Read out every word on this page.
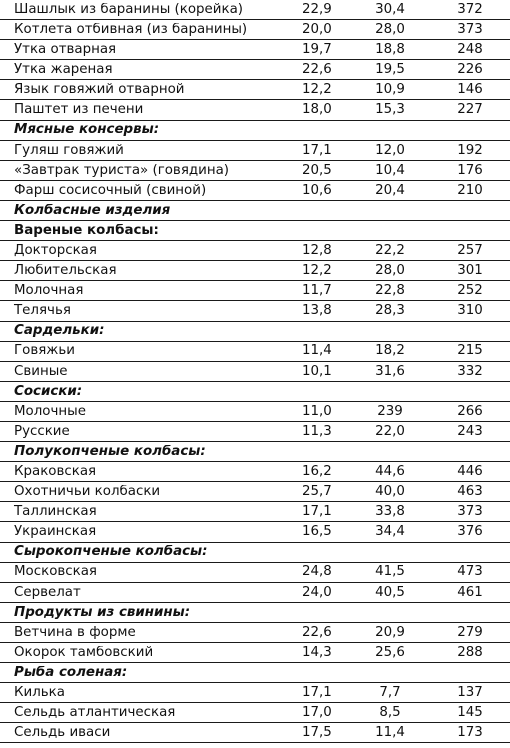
Шашлык из баранины (корейка)	22,9	30,4	372
Котлета отбивная (из баранины)	20,0	28,0	373
Утка отварная	19,7	18,8	248
Утка жареная	22,6	19,5	226
Язык говяжий отварной	12,2	10,9	146
Паштет из печени	18,0	15,3	227
Мясные консервы:
Гуляш говяжий	17,1	12,0	192
«Завтрак туриста» (говядина)	20,5	10,4	176
Фарш сосисочный (свиной)	10,6	20,4	210
Колбасные изделия
Вареные колбасы:
Докторская	12,8	22,2	257
Любительская	12,2	28,0	301
Молочная	11,7	22,8	252
Телячья	13,8	28,3	310
Сардельки:
Говяжьи	11,4	18,2	215
Свиные	10,1	31,6	332
Сосиски:
Молочные	11,0	239	266
Русские	11,3	22,0	243
Полукопченые колбасы:
Краковская	16,2	44,6	446
Охотничьи колбаски	25,7	40,0	463
Таллинская	17,1	33,8	373
Украинская	16,5	34,4	376
Сырокопченые колбасы:
Московская	24,8	41,5	473
Сервелат	24,0	40,5	461
Продукты из свинины:
Ветчина в форме	22,6	20,9	279
Окорок тамбовский	14,3	25,6	288
Рыба соленая:
Килька	17,1	7,7	137
Сельдь атлантическая	17,0	8,5	145
Сельдь иваси	17,5	11,4	173
